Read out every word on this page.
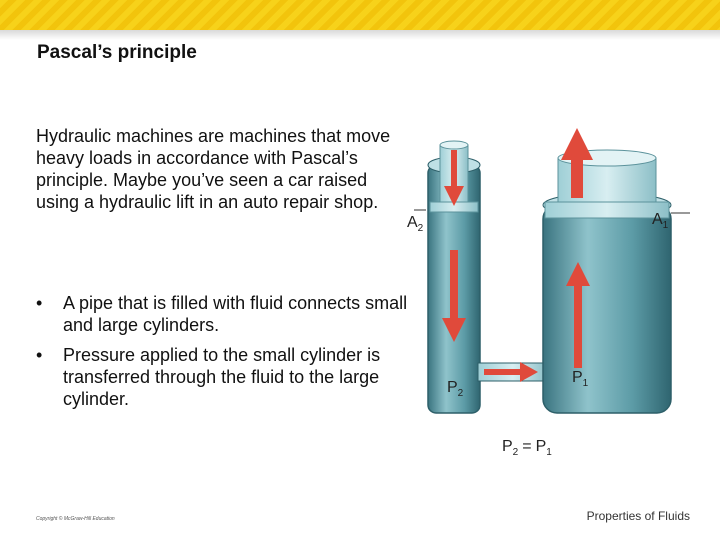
Pascal’s principle
Hydraulic machines are machines that move heavy loads in accordance with Pascal’s principle. Maybe you’ve seen a car raised using a hydraulic lift in an auto repair shop.
• A pipe that is filled with fluid connects small and large cylinders.
• Pressure applied to the small cylinder is transferred through the fluid to the large cylinder.
$A_2$
$A_1$
$P_2$
$P_1$
$P_2 = P_1$
Copyright © McGraw-Hill Education	Properties of Fluids
